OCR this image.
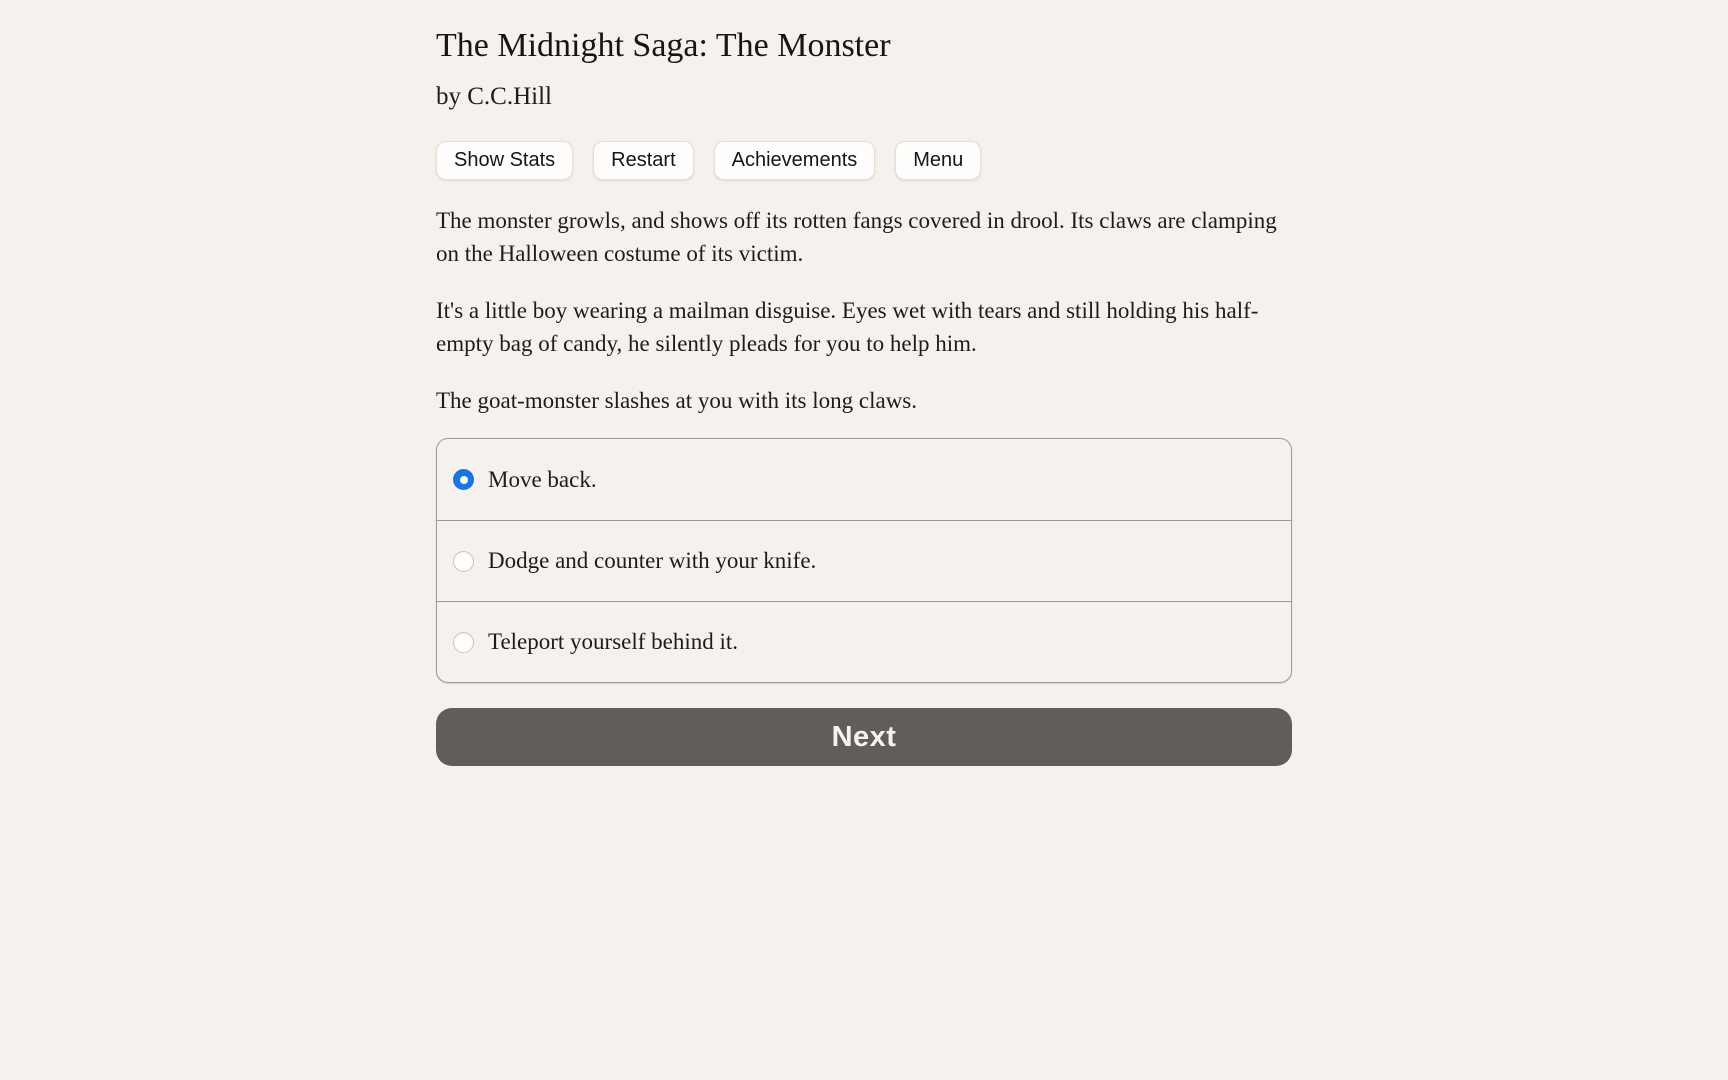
The Midnight Saga: The Monster
by C.C.Hill
Show Stats	Restart	Achievements	Menu

The monster growls, and shows off its rotten fangs covered in drool. Its claws are clamping on the Halloween costume of its victim.

It's a little boy wearing a mailman disguise. Eyes wet with tears and still holding his half-empty bag of candy, he silently pleads for you to help him.

The goat-monster slashes at you with its long claws.

Move back.
Dodge and counter with your knife.
Teleport yourself behind it.
Next
